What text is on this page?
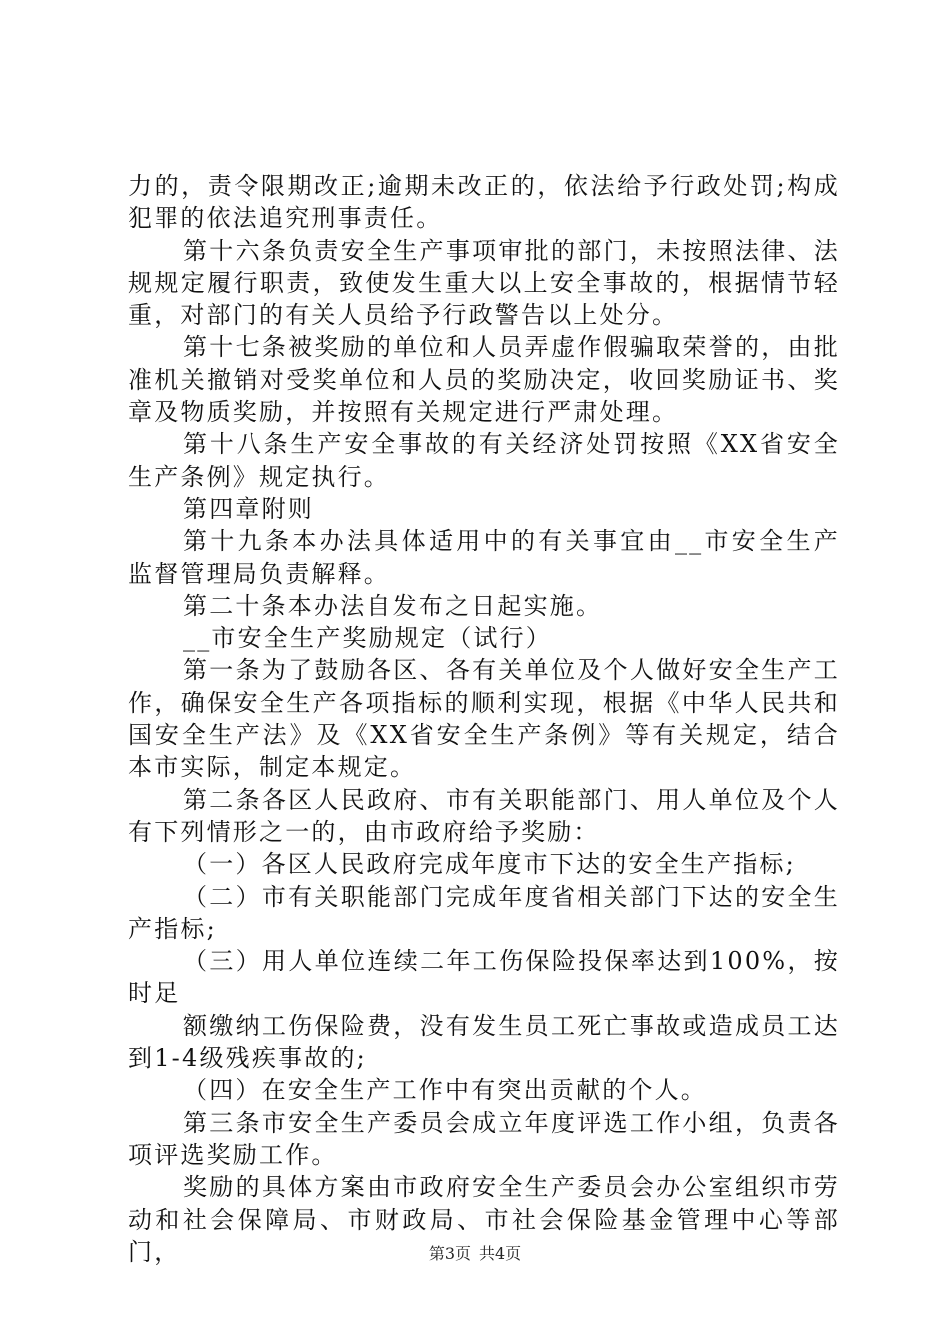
力的，责令限期改正;逾期未改正的，依法给予行政处罚;构成犯罪的依法追究刑事责任。

第十六条负责安全生产事项审批的部门，未按照法律、法规规定履行职责，致使发生重大以上安全事故的，根据情节轻重，对部门的有关人员给予行政警告以上处分。

第十七条被奖励的单位和人员弄虚作假骗取荣誉的，由批准机关撤销对受奖单位和人员的奖励决定，收回奖励证书、奖章及物质奖励，并按照有关规定进行严肃处理。

第十八条生产安全事故的有关经济处罚按照《XX省安全生产条例》规定执行。

第四章附则

第十九条本办法具体适用中的有关事宜由__市安全生产监督管理局负责解释。

第二十条本办法自发布之日起实施。

__市安全生产奖励规定（试行）

第一条为了鼓励各区、各有关单位及个人做好安全生产工作，确保安全生产各项指标的顺利实现，根据《中华人民共和国安全生产法》及《XX省安全生产条例》等有关规定，结合本市实际，制定本规定。

第二条各区人民政府、市有关职能部门、用人单位及个人有下列情形之一的，由市政府给予奖励：

（一）各区人民政府完成年度市下达的安全生产指标;

（二）市有关职能部门完成年度省相关部门下达的安全生产指标;

（三）用人单位连续二年工伤保险投保率达到100%，按时足

额缴纳工伤保险费，没有发生员工死亡事故或造成员工达到1-4级残疾事故的;

（四）在安全生产工作中有突出贡献的个人。

第三条市安全生产委员会成立年度评选工作小组，负责各项评选奖励工作。

奖励的具体方案由市政府安全生产委员会办公室组织市劳动和社会保障局、市财政局、市社会保险基金管理中心等部门，	第3页 共4页
